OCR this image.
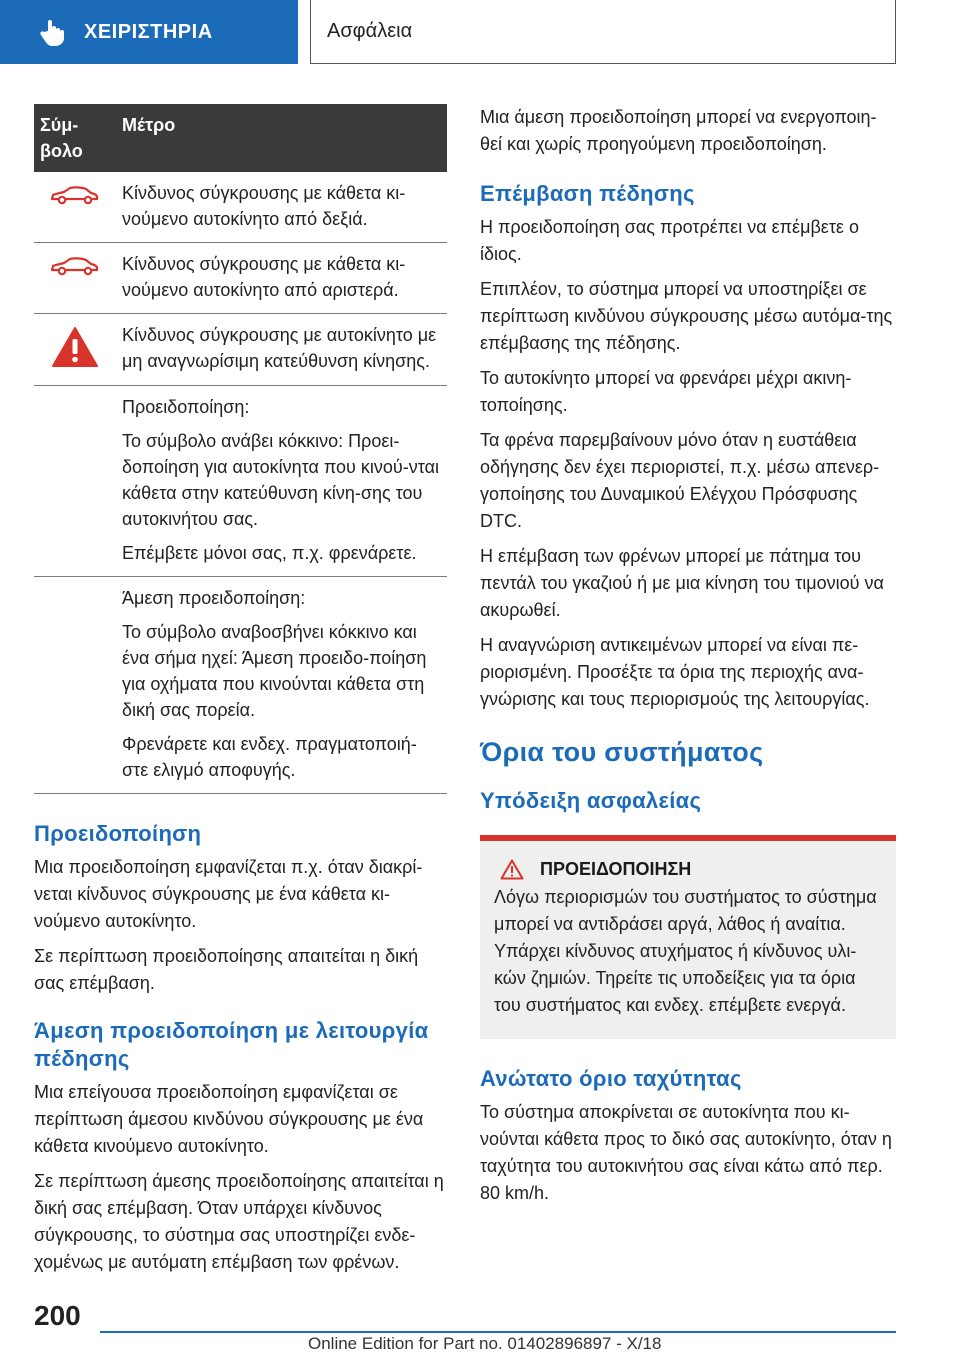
ΧΕΙΡΙΣΤΗΡΙΑ	Ασφάλεια
Σύμ-
βολο	Μέτρο

Κίνδυνος σύγκρουσης με κάθετα κι-νούμενο αυτοκίνητο από δεξιά.

Κίνδυνος σύγκρουσης με κάθετα κι-νούμενο αυτοκίνητο από αριστερά.

Κίνδυνος σύγκρουσης με αυτοκίνητο με μη αναγνωρίσιμη κατεύθυνση κίνησης.

	Προειδοποίηση:

Το σύμβολο ανάβει κόκκινο: Προει-δοποίηση για αυτοκίνητα που κινού-νται κάθετα στην κατεύθυνση κίνη-σης του αυτοκινήτου σας.

Επέμβετε μόνοι σας, π.χ. φρενάρετε.

	Άμεση προειδοποίηση:

Το σύμβολο αναβοσβήνει κόκκινο και ένα σήμα ηχεί: Άμεση προειδο-ποίηση για οχήματα που κινούνται κάθετα στη δική σας πορεία.

Φρενάρετε και ενδεχ. πραγματοποιή-στε ελιγμό αποφυγής.

Προειδοποίηση

Μια προειδοποίηση εμφανίζεται π.χ. όταν διακρί-νεται κίνδυνος σύγκρουσης με ένα κάθετα κι-νούμενο αυτοκίνητο.

Σε περίπτωση προειδοποίησης απαιτείται η δική σας επέμβαση.

Άμεση προειδοποίηση με λειτουργία πέδησης

Μια επείγουσα προειδοποίηση εμφανίζεται σε περίπτωση άμεσου κινδύνου σύγκρουσης με ένα κάθετα κινούμενο αυτοκίνητο.

Σε περίπτωση άμεσης προειδοποίησης απαιτείται η δική σας επέμβαση. Όταν υπάρχει κίνδυνος σύγκρουσης, το σύστημα σας υποστηρίζει ενδε-χομένως με αυτόματη επέμβαση των φρένων.

Μια άμεση προειδοποίηση μπορεί να ενεργοποιη-θεί και χωρίς προηγούμενη προειδοποίηση.

Επέμβαση πέδησης

Η προειδοποίηση σας προτρέπει να επέμβετε ο ίδιος.

Επιπλέον, το σύστημα μπορεί να υποστηρίξει σε περίπτωση κινδύνου σύγκρουσης μέσω αυτόμα-της επέμβασης της πέδησης.

Το αυτοκίνητο μπορεί να φρενάρει μέχρι ακινη-τοποίησης.

Τα φρένα παρεμβαίνουν μόνο όταν η ευστάθεια οδήγησης δεν έχει περιοριστεί, π.χ. μέσω απενερ-γοποίησης του Δυναμικού Ελέγχου Πρόσφυσης DTC.

Η επέμβαση των φρένων μπορεί με πάτημα του πεντάλ του γκαζιού ή με μια κίνηση του τιμονιού να ακυρωθεί.

Η αναγνώριση αντικειμένων μπορεί να είναι πε-ριορισμένη. Προσέξτε τα όρια της περιοχής ανα-γνώρισης και τους περιορισμούς της λειτουργίας.

Όρια του συστήματος
Υπόδειξη ασφαλείας
ΠΡΟΕΙΔΟΠΟΙΗΣΗ

Λόγω περιορισμών του συστήματος το σύστημα μπορεί να αντιδράσει αργά, λάθος ή αναίτια. Υπάρχει κίνδυνος ατυχήματος ή κίνδυνος υλι-κών ζημιών. Τηρείτε τις υποδείξεις για τα όρια του συστήματος και ενδεχ. επέμβετε ενεργά.

Ανώτατο όριο ταχύτητας

Το σύστημα αποκρίνεται σε αυτοκίνητα που κι-νούνται κάθετα προς το δικό σας αυτοκίνητο, όταν η ταχύτητα του αυτοκινήτου σας είναι κάτω από περ. 80 km/h.

200
Online Edition for Part no. 01402896897 - X/18
